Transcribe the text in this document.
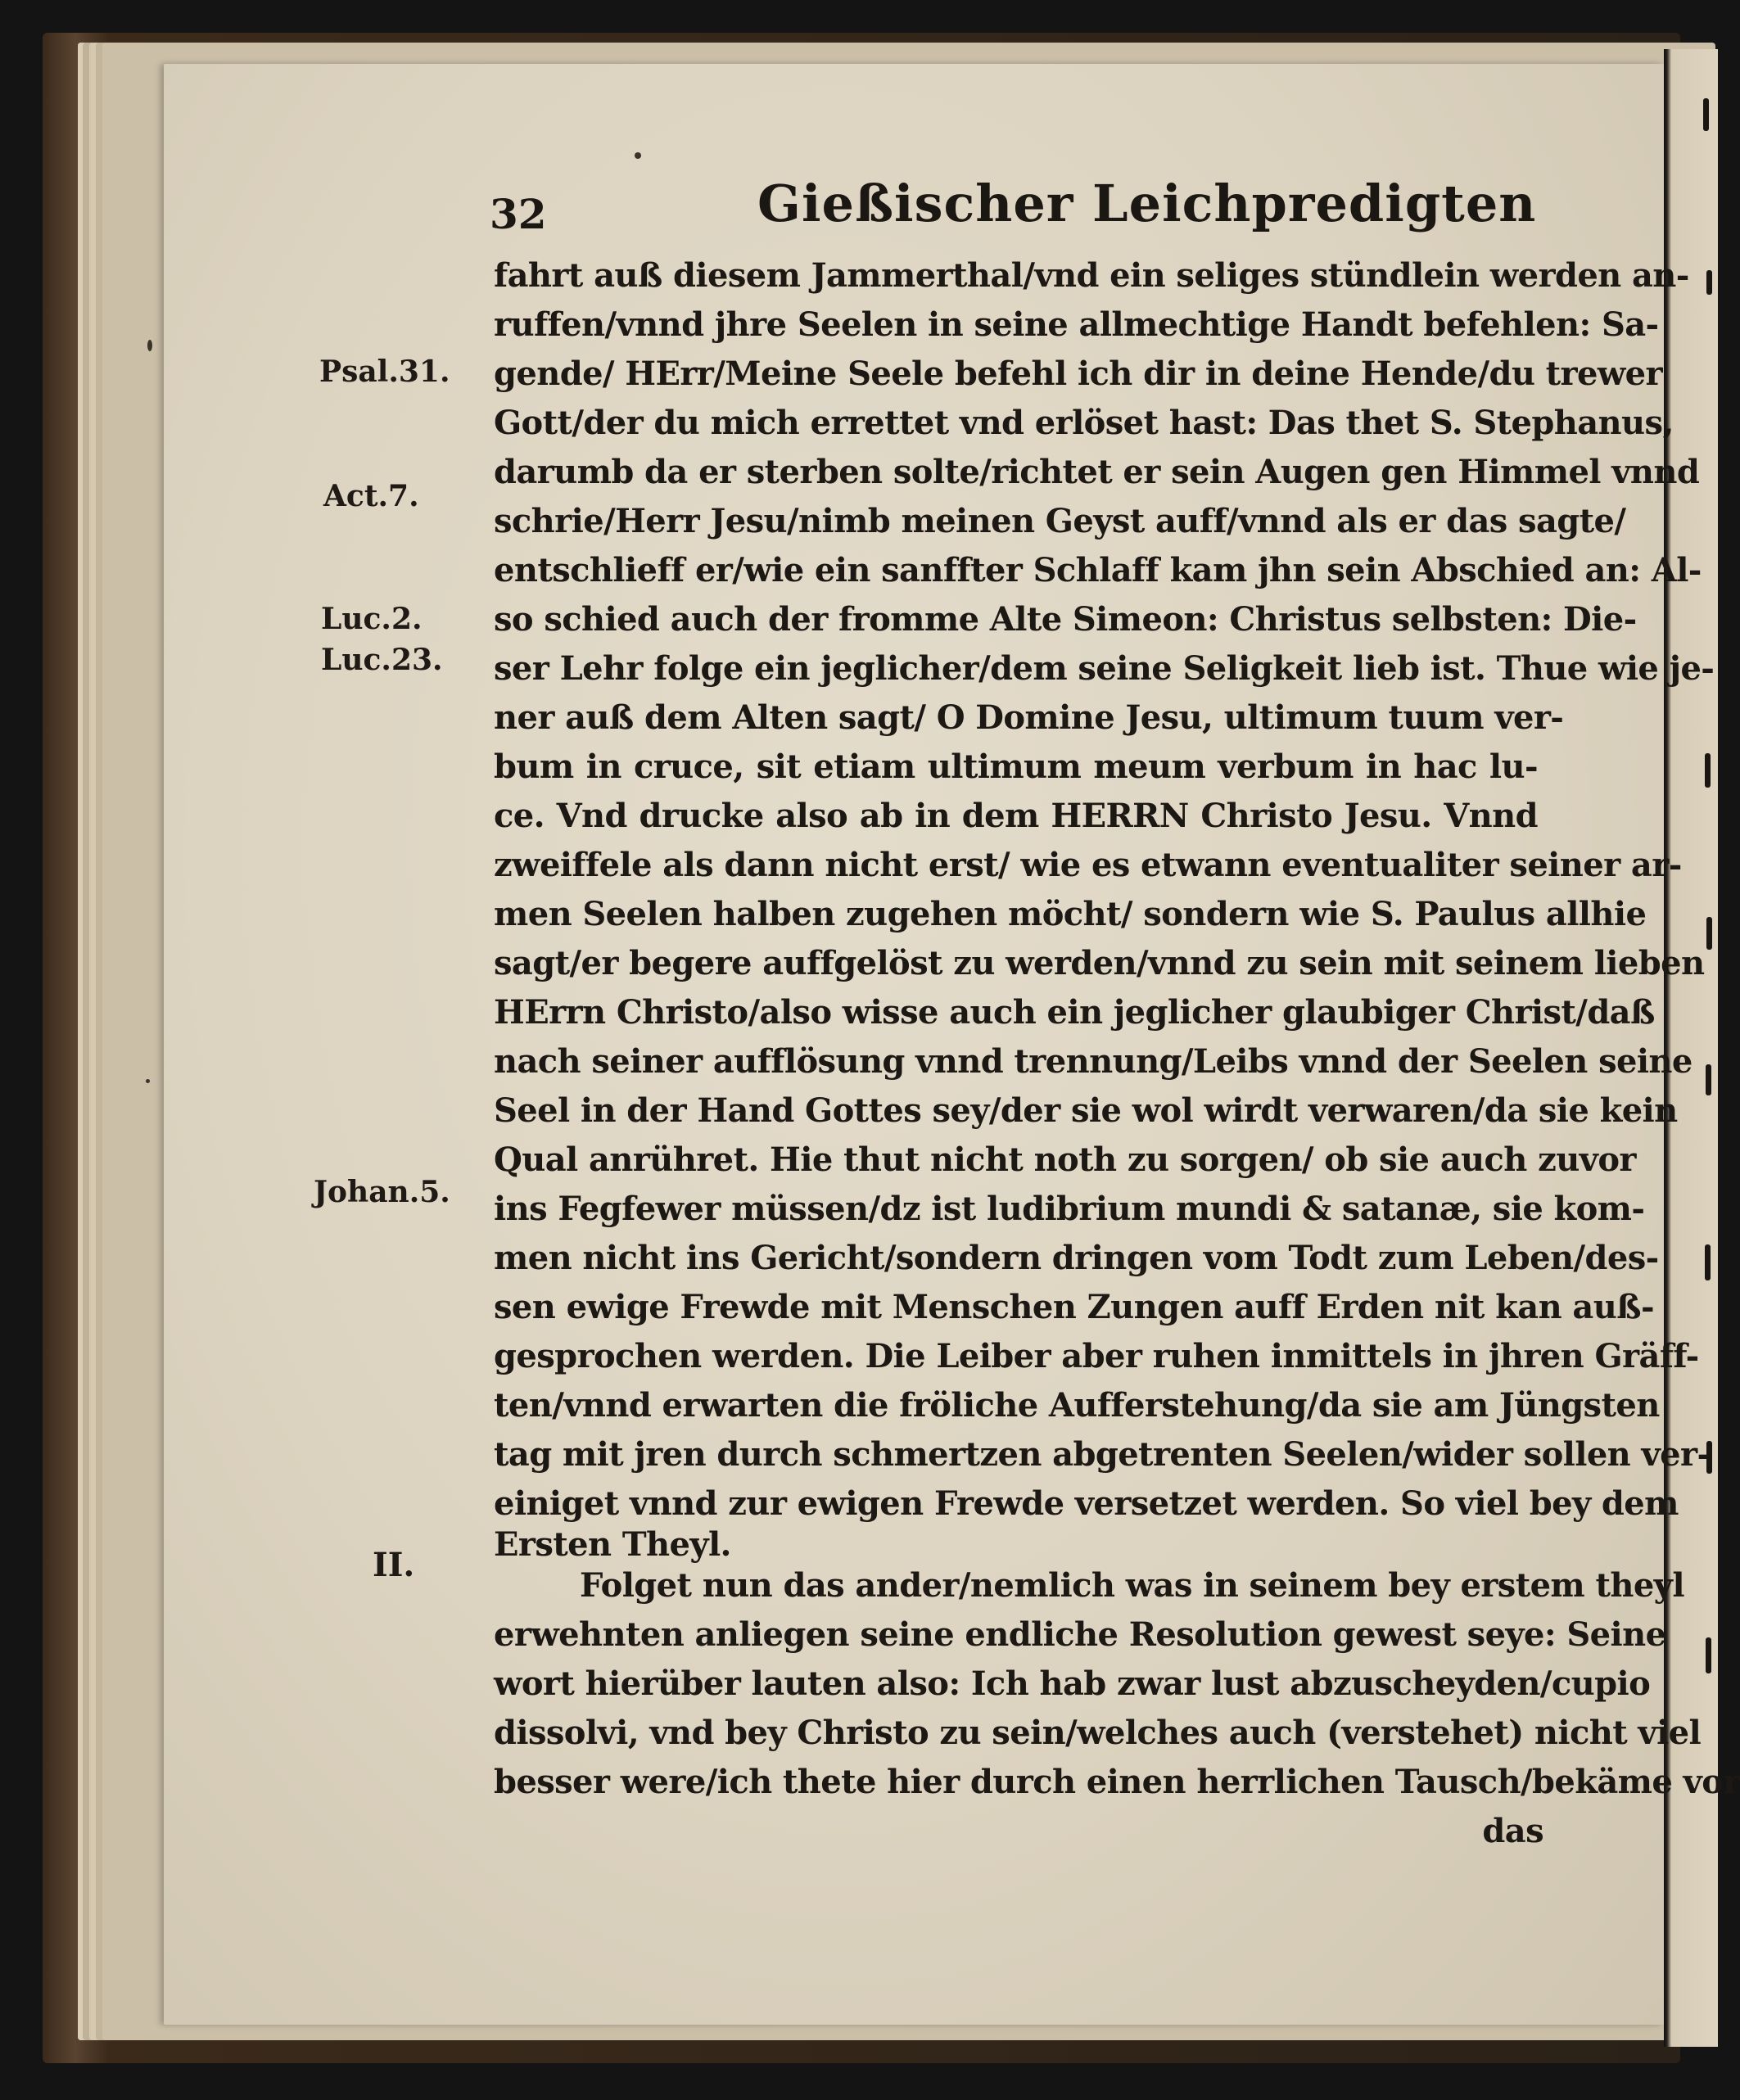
32	Gießischer Leichpredigten
Psal.31.
Act.7.
Luc.2.
Luc.23.
Johan.5.
II.
fahrt auß diesem Jammerthal/vnd ein seliges stündlein werden an-
ruffen/vnnd jhre Seelen in seine allmechtige Handt befehlen: Sa-
gende/ HErr/Meine Seele befehl ich dir in deine Hende/du trewer
Gott/der du mich errettet vnd erlöset hast: Das thet S. Stephanus,
darumb da er sterben solte/richtet er sein Augen gen Himmel vnnd
schrie/Herr Jesu/nimb meinen Geyst auff/vnnd als er das sagte/
entschlieff er/wie ein sanffter Schlaff kam jhn sein Abschied an: Al-
so schied auch der fromme Alte Simeon: Christus selbsten: Die-
ser Lehr folge ein jeglicher/dem seine Seligkeit lieb ist. Thue wie je-
ner auß dem Alten sagt/ O Domine Jesu, ultimum tuum ver-
bum in cruce, sit etiam ultimum meum verbum in hac lu-
ce. Vnd drucke also ab in dem HERRN Christo Jesu. Vnnd
zweiffele als dann nicht erst/ wie es etwann eventualiter seiner ar-
men Seelen halben zugehen möcht/ sondern wie S. Paulus allhie
sagt/er begere auffgelöst zu werden/vnnd zu sein mit seinem lieben
HErrn Christo/also wisse auch ein jeglicher glaubiger Christ/daß
nach seiner aufflösung vnnd trennung/Leibs vnnd der Seelen seine
Seel in der Hand Gottes sey/der sie wol wirdt verwaren/da sie kein
Qual anrühret. Hie thut nicht noth zu sorgen/ ob sie auch zuvor
ins Fegfewer müssen/dz ist ludibrium mundi & satanæ, sie kom-
men nicht ins Gericht/sondern dringen vom Todt zum Leben/des-
sen ewige Frewde mit Menschen Zungen auff Erden nit kan auß-
gesprochen werden. Die Leiber aber ruhen inmittels in jhren Gräff-
ten/vnnd erwarten die fröliche Aufferstehung/da sie am Jüngsten
tag mit jren durch schmertzen abgetrenten Seelen/wider sollen ver-
einiget vnnd zur ewigen Frewde versetzet werden. So viel bey dem
Ersten Theyl.
Folget nun das ander/nemlich was in seinem bey erstem theyl
erwehnten anliegen seine endliche Resolution gewest seye: Seine
wort hierüber lauten also: Ich hab zwar lust abzuscheyden/cupio
dissolvi, vnd bey Christo zu sein/welches auch (verstehet) nicht viel
besser were/ich thete hier durch einen herrlichen Tausch/bekäme vor
das
